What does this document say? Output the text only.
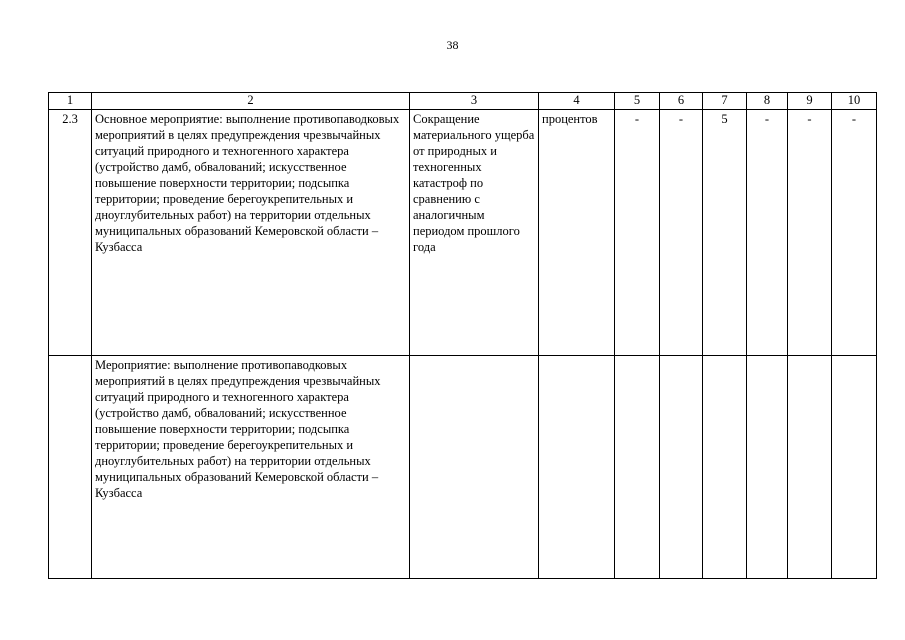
38
1	2	3	4	5	6	7	8	9	10
2.3	Основное мероприятие: выполнение противопаводковых мероприятий в целях предупреждения чрезвычайных ситуаций природного и техногенного характера (устройство дамб, обвалований; искусственное повышение поверхности территории; подсыпка территории; проведение берегоукрепительных и дноуглубительных работ) на территории отдельных муниципальных образований Кемеровской области – Кузбасса	Сокращение материального ущерба от природных и техногенных катастроф по сравнению с аналогичным периодом прошлого года	процентов	-	-	5	-	-	-
	Мероприятие: выполнение противопаводковых мероприятий в целях предупреждения чрезвычайных ситуаций природного и техногенного характера (устройство дамб, обвалований; искусственное повышение поверхности территории; подсыпка территории; проведение берегоукрепительных и дноуглубительных работ) на территории отдельных муниципальных образований Кемеровской области – Кузбасса								
